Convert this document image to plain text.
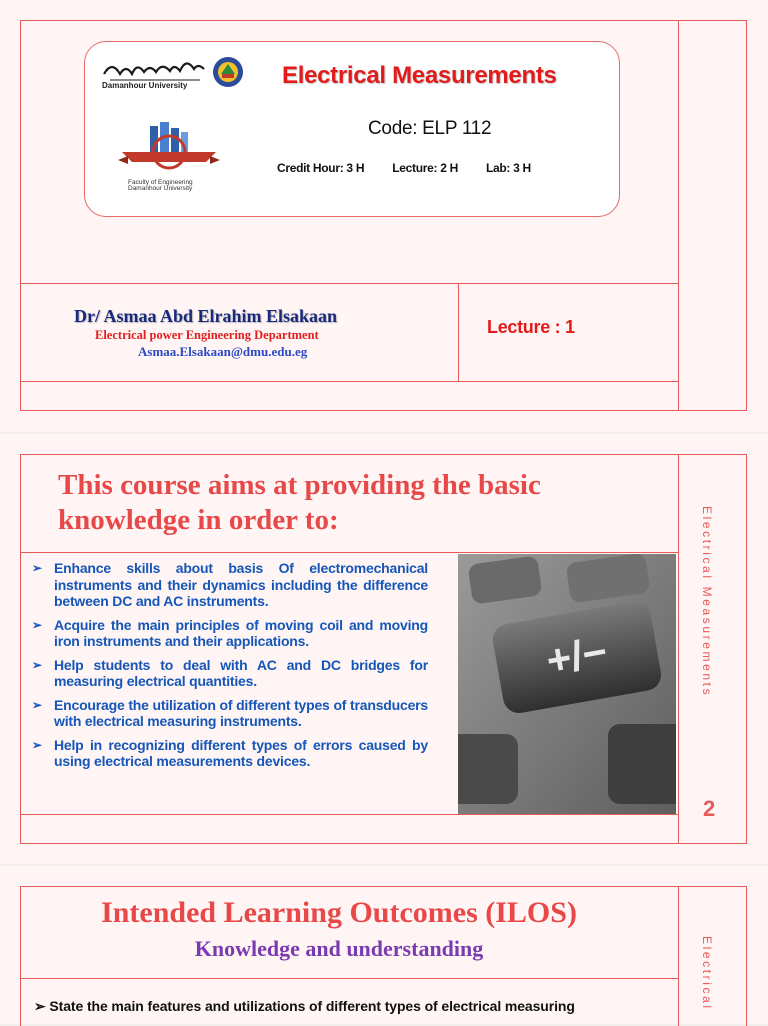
Damanhour University
Faculty of Engineering Damanhour University
Electrical Measurements
Code: ELP 112
Credit Hour: 3 H Lecture: 2 H Lab: 3 H
Dr/ Asmaa Abd Elrahim Elsakaan
Electrical power Engineering Department
Asmaa.Elsakaan@dmu.edu.eg
Lecture : 1
This course aims at providing the basic knowledge in order to:
➢ Enhance skills about basis Of electromechanical instruments and their dynamics including the difference between DC and AC instruments.
➢ Acquire the main principles of moving coil and moving iron instruments and their applications.
➢ Help students to deal with AC and DC bridges for measuring electrical quantities.
➢ Encourage the utilization of different types of transducers with electrical measuring instruments.
➢ Help in recognizing different types of errors caused by using electrical measurements devices.
+/−	Electrical Measurements
2
Intended Learning Outcomes (ILOS)
Knowledge and understanding
➢ State the main features and utilizations of different types of electrical measuring	Electrical
